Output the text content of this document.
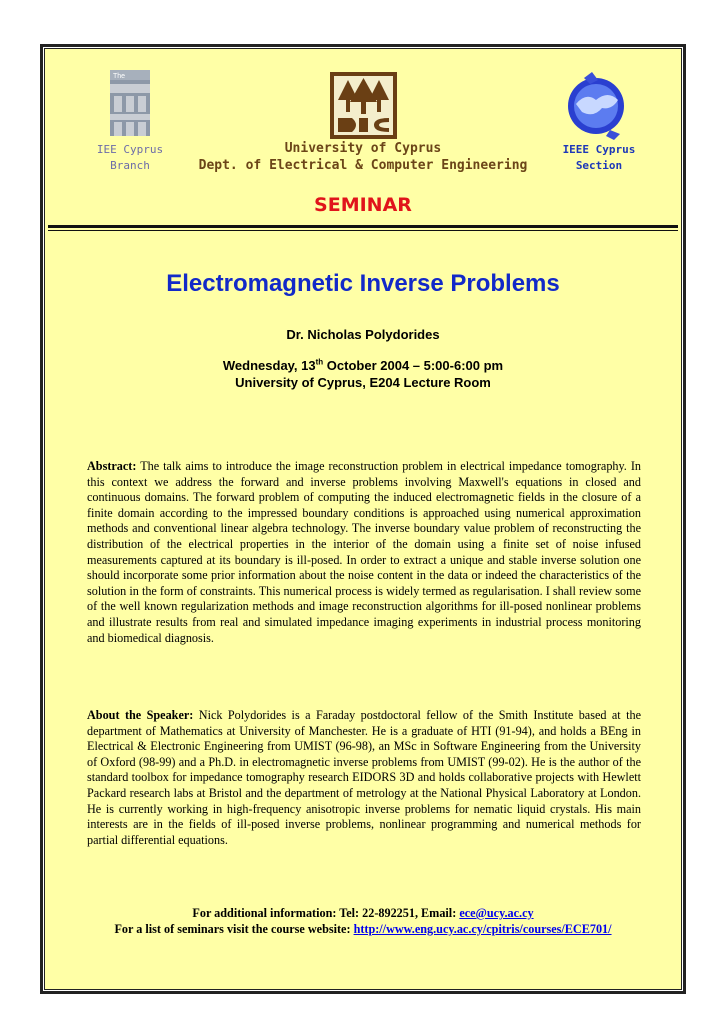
The
IEE Cyprus
Branch
IEEE Cyprus
Section
University of Cyprus
Dept. of Electrical & Computer Engineering
SEMINAR
Electromagnetic Inverse Problems
Dr. Nicholas Polydorides
Wednesday, 13th October 2004 – 5:00-6:00 pm
University of Cyprus, E204 Lecture Room
Abstract: The talk aims to introduce the image reconstruction problem in electrical impedance tomography. In this context we address the forward and inverse problems involving Maxwell's equations in closed and continuous domains. The forward problem of computing the induced electromagnetic fields in the closure of a finite domain according to the impressed boundary conditions is approached using numerical approximation methods and conventional linear algebra technology. The inverse boundary value problem of reconstructing the distribution of the electrical properties in the interior of the domain using a finite set of noise infused measurements captured at its boundary is ill-posed. In order to extract a unique and stable inverse solution one should incorporate some prior information about the noise content in the data or indeed the characteristics of the solution in the form of constraints. This numerical process is widely termed as regularisation. I shall review some of the well known regularization methods and image reconstruction algorithms for ill-posed nonlinear problems and illustrate results from real and simulated impedance imaging experiments in industrial process monitoring and biomedical diagnosis.
About the Speaker: Nick Polydorides is a Faraday postdoctoral fellow of the Smith Institute based at the department of Mathematics at University of Manchester. He is a graduate of HTI (91-94), and holds a BEng in Electrical & Electronic Engineering from UMIST (96-98), an MSc in Software Engineering from the University of Oxford (98-99) and a Ph.D. in electromagnetic inverse problems from UMIST (99-02). He is the author of the standard toolbox for impedance tomography research EIDORS 3D and holds collaborative projects with Hewlett Packard research labs at Bristol and the department of metrology at the National Physical Laboratory at London. He is currently working in high-frequency anisotropic inverse problems for nematic liquid crystals. His main interests are in the fields of ill-posed inverse problems, nonlinear programming and numerical methods for partial differential equations.
For additional information: Tel: 22-892251, Email: ece@ucy.ac.cy
For a list of seminars visit the course website: http://www.eng.ucy.ac.cy/cpitris/courses/ECE701/
